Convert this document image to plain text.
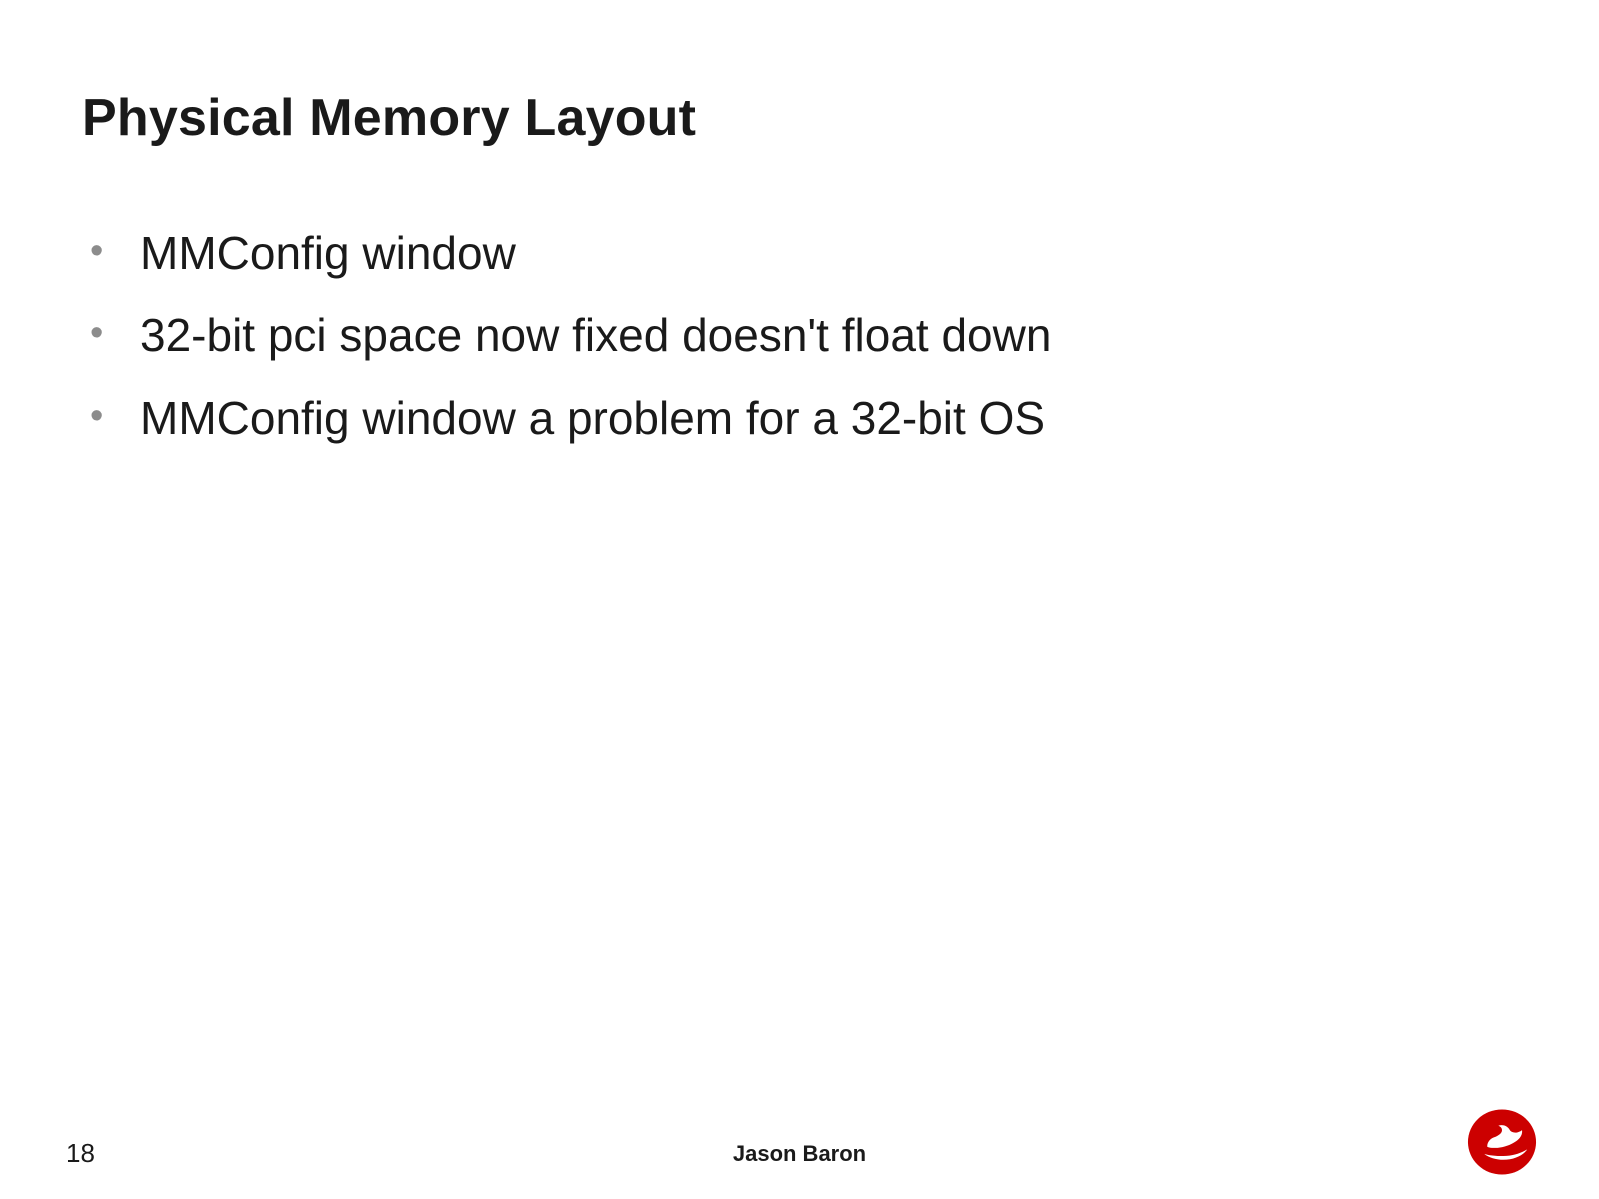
Physical Memory Layout
• MMConfig window
• 32-bit pci space now fixed doesn't float down
• MMConfig window a problem for a 32-bit OS
18	Jason Baron
